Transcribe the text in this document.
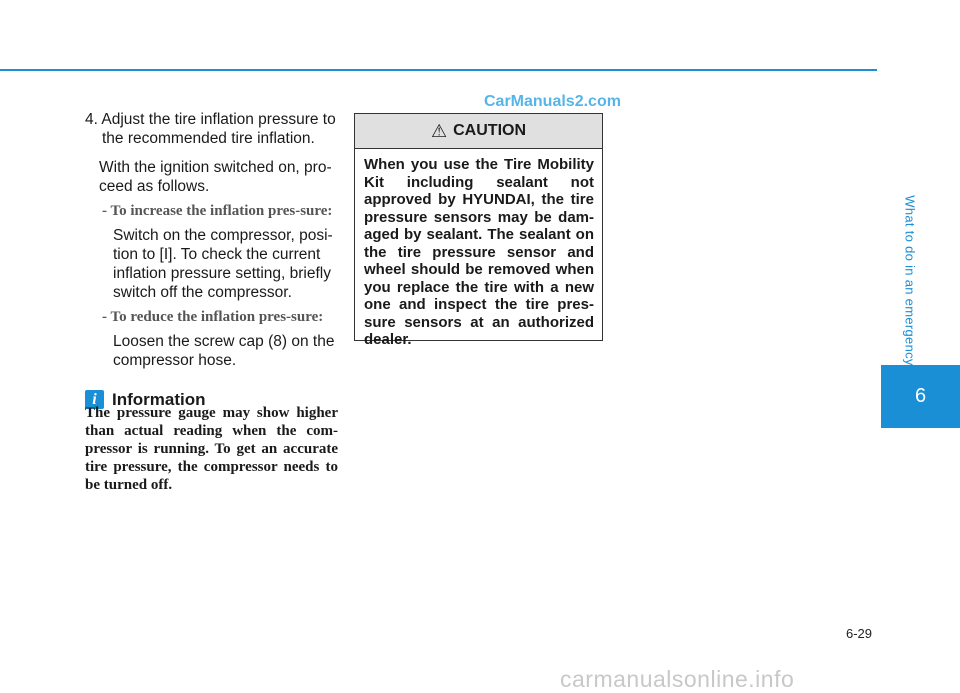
CarManuals2.com
What to do in an emergency
6

4. Adjust the tire inflation pressure to the recommended tire inflation.

With the ignition switched on, pro-ceed as follows.

- To increase the inflation pres-sure:
Switch on the compressor, posi-tion to [I]. To check the current inflation pressure setting, briefly switch off the compressor.
- To reduce the inflation pres-sure:
Loosen the screw cap (8) on the compressor hose.
i Information
The pressure gauge may show higher than actual reading when the com-pressor is running. To get an accurate tire pressure, the compressor needs to be turned off.
⚠ CAUTION
When you use the Tire Mobility Kit including sealant not approved by HYUNDAI, the tire pressure sensors may be dam-aged by sealant. The sealant on the tire pressure sensor and wheel should be removed when you replace the tire with a new one and inspect the tire pres-sure sensors at an authorized dealer.
6-29
carmanualsonline.info
